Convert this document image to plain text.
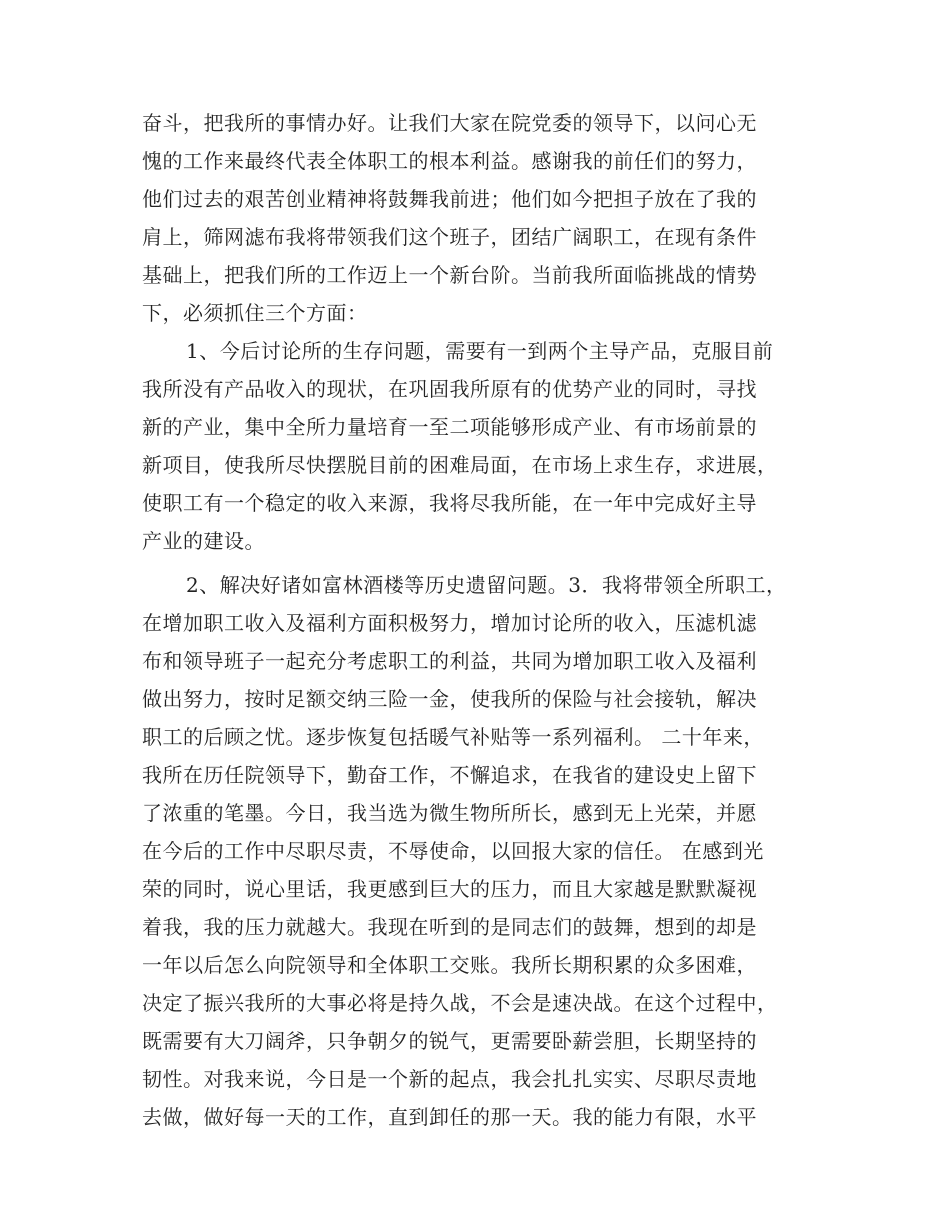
奋斗，把我所的事情办好。让我们大家在院党委的领导下，以问心无
愧的工作来最终代表全体职工的根本利益。感谢我的前任们的努力，
他们过去的艰苦创业精神将鼓舞我前进；他们如今把担子放在了我的
肩上，筛网滤布我将带领我们这个班子，团结广阔职工，在现有条件
基础上，把我们所的工作迈上一个新台阶。当前我所面临挑战的情势
下，必须抓住三个方面：
1、今后讨论所的生存问题，需要有一到两个主导产品，克服目前
我所没有产品收入的现状，在巩固我所原有的优势产业的同时，寻找
新的产业，集中全所力量培育一至二项能够形成产业、有市场前景的
新项目，使我所尽快摆脱目前的困难局面，在市场上求生存，求进展，
使职工有一个稳定的收入来源，我将尽我所能，在一年中完成好主导
产业的建设。
2、解决好诸如富林酒楼等历史遗留问题。3．我将带领全所职工，
在增加职工收入及福利方面积极努力，增加讨论所的收入，压滤机滤
布和领导班子一起充分考虑职工的利益，共同为增加职工收入及福利
做出努力，按时足额交纳三险一金，使我所的保险与社会接轨，解决
职工的后顾之忧。逐步恢复包括暖气补贴等一系列福利。 二十年来，
我所在历任院领导下，勤奋工作，不懈追求，在我省的建设史上留下
了浓重的笔墨。今日，我当选为微生物所所长，感到无上光荣，并愿
在今后的工作中尽职尽责，不辱使命，以回报大家的信任。 在感到光
荣的同时，说心里话，我更感到巨大的压力，而且大家越是默默凝视
着我，我的压力就越大。我现在听到的是同志们的鼓舞，想到的却是
一年以后怎么向院领导和全体职工交账。我所长期积累的众多困难，
决定了振兴我所的大事必将是持久战，不会是速决战。在这个过程中，
既需要有大刀阔斧，只争朝夕的锐气，更需要卧薪尝胆，长期坚持的
韧性。对我来说，今日是一个新的起点，我会扎扎实实、尽职尽责地
去做，做好每一天的工作，直到卸任的那一天。我的能力有限，水平
